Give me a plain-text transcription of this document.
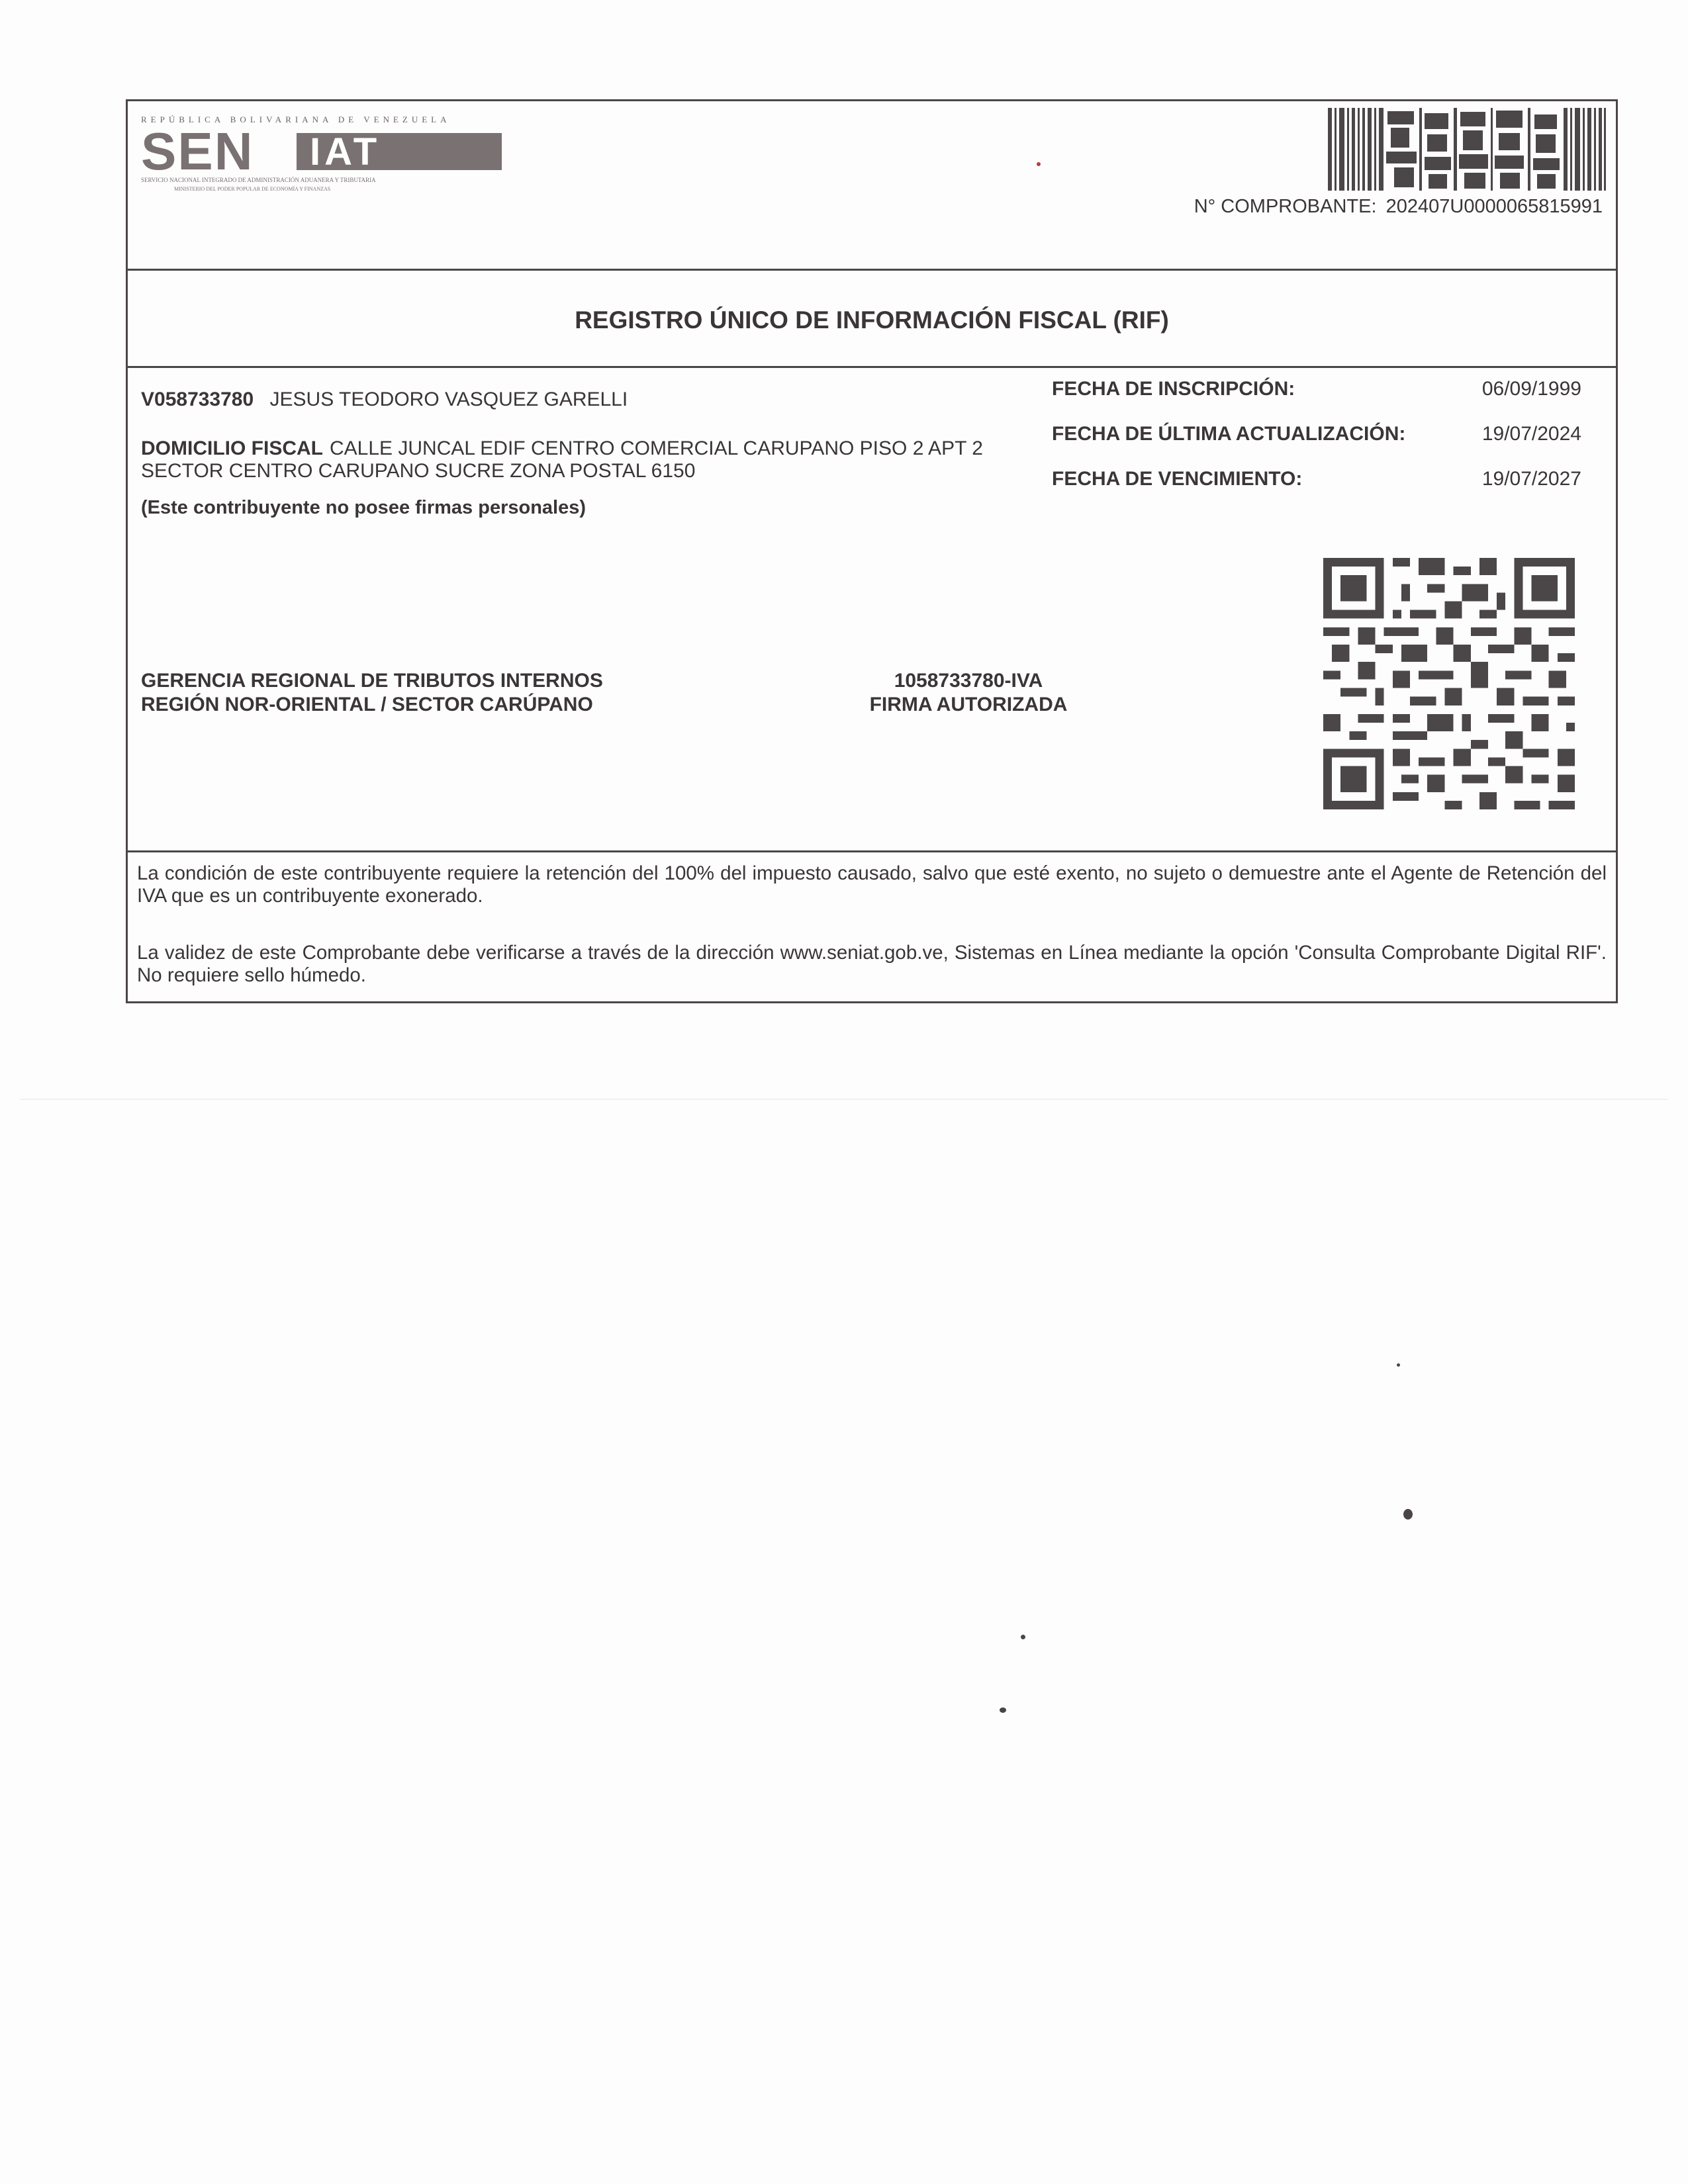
REPÚBLICA BOLIVARIANA DE VENEZUELA
SEN	IAT
SERVICIO NACIONAL INTEGRADO DE ADMINISTRACIÓN ADUANERA Y TRIBUTARIA
MINISTERIO DEL PODER POPULAR DE ECONOMÍA Y FINANZAS
N° COMPROBANTE: 202407U0000065815991
REGISTRO ÚNICO DE INFORMACIÓN FISCAL (RIF)
V058733780 JESUS TEODORO VASQUEZ GARELLI
DOMICILIO FISCAL CALLE JUNCAL EDIF CENTRO COMERCIAL CARUPANO PISO 2 APT 2 SECTOR CENTRO CARUPANO SUCRE ZONA POSTAL 6150
(Este contribuyente no posee firmas personales)
FECHA DE INSCRIPCIÓN:	06/09/1999
FECHA DE ÚLTIMA ACTUALIZACIÓN:	19/07/2024
FECHA DE VENCIMIENTO:	19/07/2027
GERENCIA REGIONAL DE TRIBUTOS INTERNOS
REGIÓN NOR-ORIENTAL / SECTOR CARÚPANO
1058733780-IVA
FIRMA AUTORIZADA
La condición de este contribuyente requiere la retención del 100% del impuesto causado, salvo que esté exento, no sujeto o demuestre ante el Agente de Retención del IVA que es un contribuyente exonerado.
La validez de este Comprobante debe verificarse a través de la dirección www.seniat.gob.ve, Sistemas en Línea mediante la opción 'Consulta Comprobante Digital RIF'. No requiere sello húmedo.
